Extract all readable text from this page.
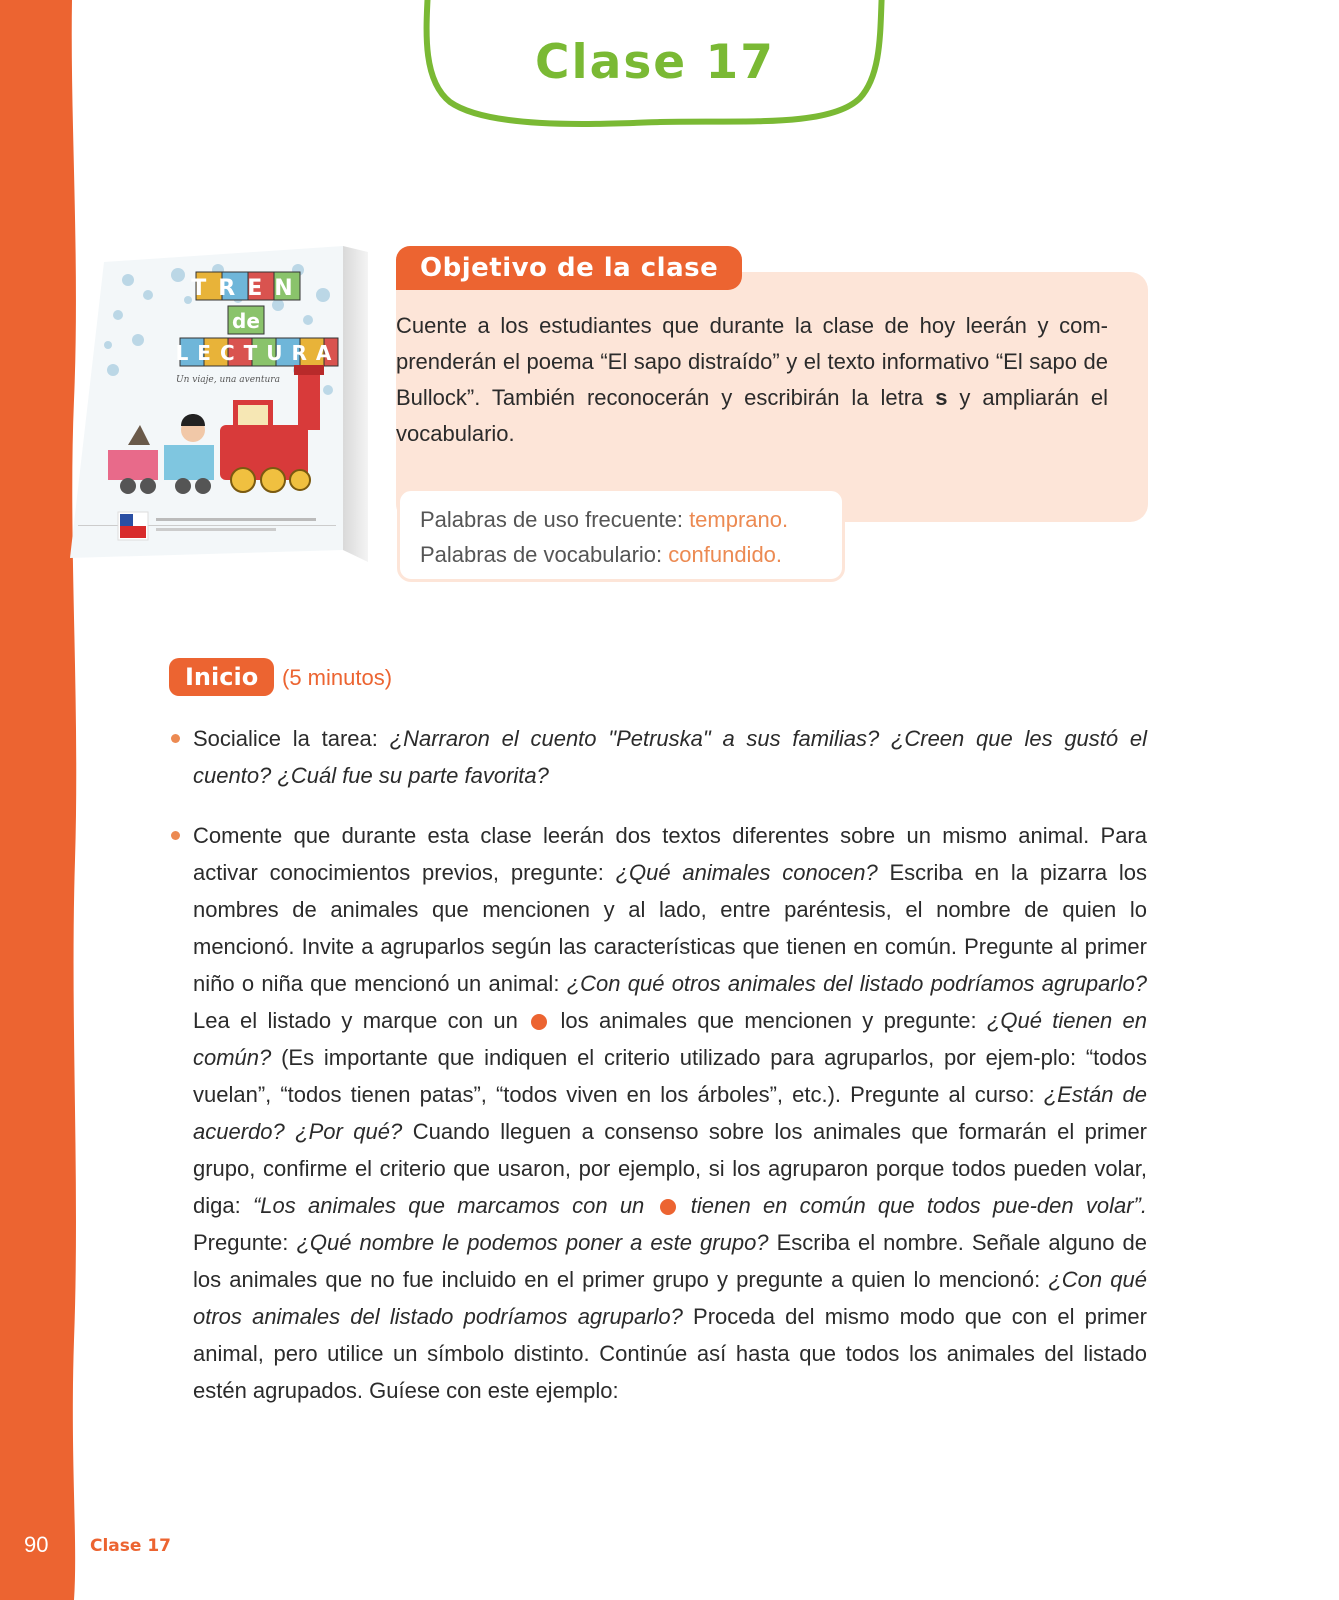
Clase 17
TREN
de
LECTURA
Un viaje, una aventura
Objetivo de la clase
Cuente a los estudiantes que durante la clase de hoy leerán y com-prenderán el poema “El sapo distraído” y el texto informativo “El sapo de Bullock”. También reconocerán y escribirán la letra s y ampliarán el vocabulario.
Palabras de uso frecuente: temprano.
Palabras de vocabulario: confundido.
Inicio	(5 minutos)
Socialice la tarea: ¿Narraron el cuento "Petruska" a sus familias? ¿Creen que les gustó el cuento? ¿Cuál fue su parte favorita?
Comente que durante esta clase leerán dos textos diferentes sobre un mismo animal. Para activar conocimientos previos, pregunte: ¿Qué animales conocen? Escriba en la pizarra los nombres de animales que mencionen y al lado, entre paréntesis, el nombre de quien lo mencionó. Invite a agruparlos según las características que tienen en común. Pregunte al primer niño o niña que mencionó un animal: ¿Con qué otros animales del listado podríamos agruparlo? Lea el listado y marque con un  los animales que mencionen y pregunte: ¿Qué tienen en común? (Es importante que indiquen el criterio utilizado para agruparlos, por ejem-plo: “todos vuelan”, “todos tienen patas”, “todos viven en los árboles”, etc.). Pregunte al curso: ¿Están de acuerdo? ¿Por qué? Cuando lleguen a consenso sobre los animales que formarán el primer grupo, confirme el criterio que usaron, por ejemplo, si los agruparon porque todos pueden volar, diga: “Los animales que marcamos con un  tienen en común que todos pue-den volar”. Pregunte: ¿Qué nombre le podemos poner a este grupo? Escriba el nombre. Señale alguno de los animales que no fue incluido en el primer grupo y pregunte a quien lo mencionó: ¿Con qué otros animales del listado podríamos agruparlo? Proceda del mismo modo que con el primer animal, pero utilice un símbolo distinto. Continúe así hasta que todos los animales del listado estén agrupados. Guíese con este ejemplo:
90 Clase 17
